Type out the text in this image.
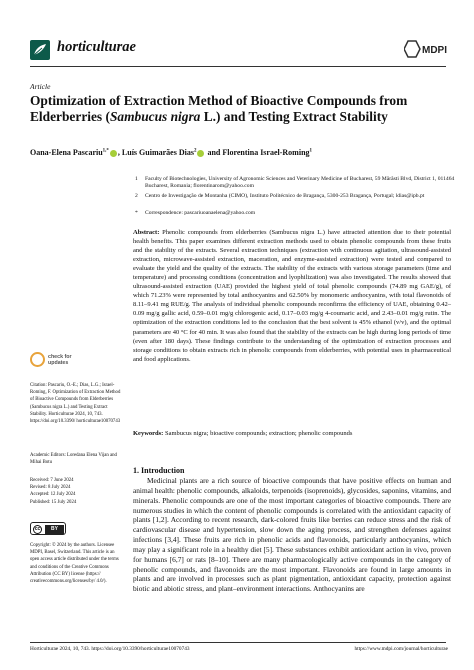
horticulturae	MDPI
Article
Optimization of Extraction Method of Bioactive Compounds from Elderberries (Sambucus nigra L.) and Testing Extract Stability
Oana-Elena Pascariu$^{1,*}$ , Luís Guimarães Dias$^2$ and Florentina Israel-Roming$^1$
1 Faculty of Biotechnologies, University of Agronomic Sciences and Veterinary Medicine of Bucharest, 59 Mărăsti Blvd, District 1, 011464 Bucharest, Romania; florentinarom@yahoo.com
2 Centro de Investigação de Montanha (CIMO), Instituto Politécnico de Bragança, 5300-253 Bragança, Portugal; ldias@ipb.pt
* Correspondence: pascariuoanaelena@yahoo.com
Abstract: Phenolic compounds from elderberries (Sambucus nigra L.) have attracted attention due to their potential health benefits. This paper examines different extraction methods used to obtain phenolic compounds from these fruits and the stability of the extracts. Several extraction techniques (extraction with continuous agitation, ultrasound-assisted extraction, microwave-assisted extraction, maceration, and enzyme-assisted extraction) were tested and compared to evaluate the yield and the quality of the extracts. The stability of the extracts with various storage parameters (time and temperature) and processing conditions (concentration and lyophilization) was also investigated. The results showed that ultrasound-assisted extraction (UAE) provided the highest yield of total phenolic compounds (74.89 mg GAE/g), of which 71.23% were represented by total anthocyanins and 62.50% by monomeric anthocyanins, with total flavonoids of 8.11–9.41 mg RUE/g. The analysis of individual phenolic compounds reconfirms the efficiency of UAE, obtaining 0.42–0.09 mg/g gallic acid, 0.59–0.01 mg/g chlorogenic acid, 0.17–0.03 mg/g 4-coumaric acid, and 2.43–0.01 mg/g rutin. The optimization of the extraction conditions led to the conclusion that the best solvent is 45% ethanol (v/v), and the optimal parameters are 40 °C for 40 min. It was also found that the stability of the extracts can be high during long periods of time (even after 180 days). These findings contribute to the understanding of the optimization of extraction processes and storage conditions to obtain extracts rich in phenolic compounds from elderberries, with potential uses in pharmaceutical and food applications.
Keywords: Sambucus nigra; bioactive compounds; extraction; phenolic compounds
check for
updates
Citation: Pascariu, O.-E.; Dias, L.G.; Israel-Roming, F. Optimization of Extraction Method of Bioactive Compounds from Elderberries (Sambucus nigra L.) and Testing Extract Stability. Horticulturae 2024, 10, 743. https://doi.org/10.3390/ horticulturae10070743
Academic Editors: Loredana Elena Vijan and Mihai Botu
Received: 7 June 2024
Revised: 8 July 2024
Accepted: 12 July 2024
Published: 15 July 2024
cc	BY
Copyright: © 2024 by the authors. Licensee MDPI, Basel, Switzerland. This article is an open access article distributed under the terms and conditions of the Creative Commons Attribution (CC BY) license (https:// creativecommons.org/licenses/by/ 4.0/).
1. Introduction
Medicinal plants are a rich source of bioactive compounds that have positive effects on human and animal health: phenolic compounds, alkaloids, terpenoids (isoprenoids), glycosides, saponins, vitamins, and minerals. Phenolic compounds are one of the most important categories of bioactive compounds. There are numerous studies in which the content of phenolic compounds is correlated with the antioxidant capacity of plants [1,2]. According to recent research, dark-colored fruits like berries can reduce stress and the risk of cardiovascular disease and hypertension, slow down the aging process, and strengthen defenses against infections [3,4]. These fruits are rich in phenolic acids and flavonoids, particularly anthocyanins, which may play a significant role in a healthy diet [5]. These substances exhibit antioxidant action in vivo, proven for humans [6,7] or rats [8–10]. There are many pharmacologically active compounds in the category of phenolic compounds, and flavonoids are the most important. Flavonoids are found in large amounts in plants and are involved in processes such as plant pigmentation, antioxidant capacity, protection against biotic and abiotic stress, and plant–environment interactions. Anthocyanins are
Horticulturae 2024, 10, 743. https://doi.org/10.3390/horticulturae10070743	https://www.mdpi.com/journal/horticulturae
